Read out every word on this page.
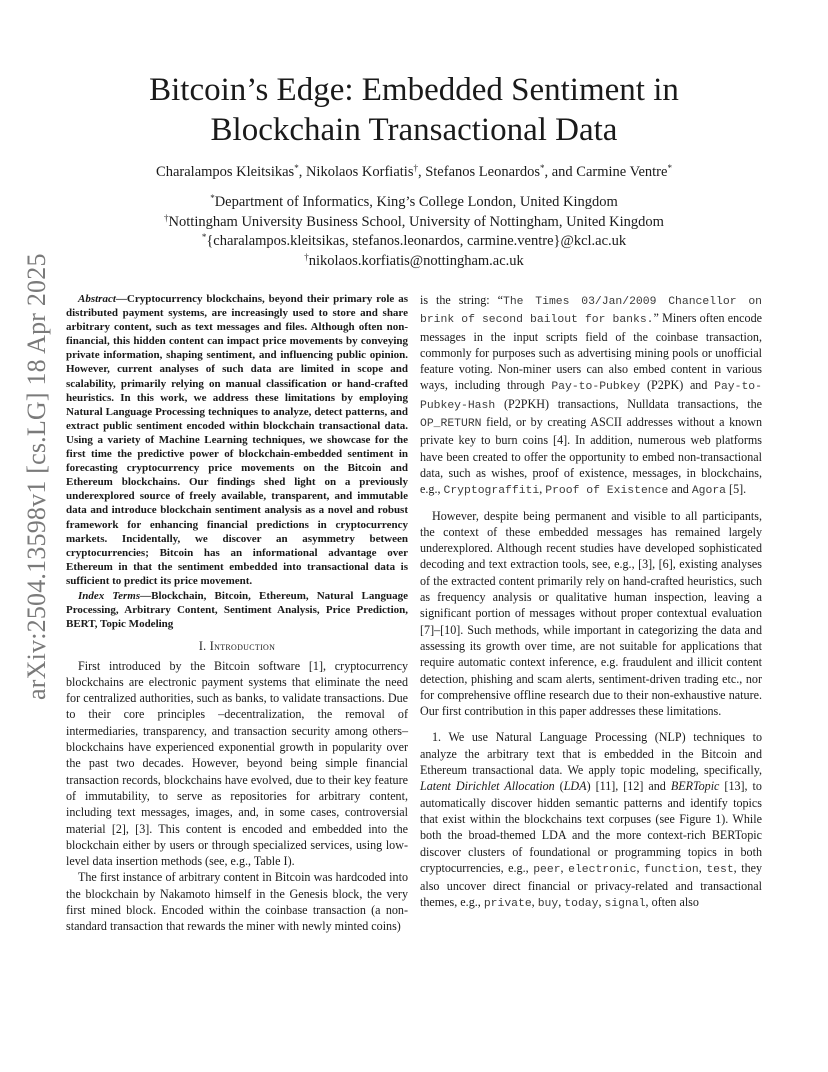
Bitcoin’s Edge: Embedded Sentiment in
Blockchain Transactional Data
Charalampos Kleitsikas*, Nikolaos Korfiatis†, Stefanos Leonardos*, and Carmine Ventre*
*Department of Informatics, King’s College London, United Kingdom
†Nottingham University Business School, University of Nottingham, United Kingdom
*{charalampos.kleitsikas, stefanos.leonardos, carmine.ventre}@kcl.ac.uk
†nikolaos.korfiatis@nottingham.ac.uk
arXiv:2504.13598v1 [cs.LG] 18 Apr 2025	Abstract—Cryptocurrency blockchains, beyond their primary role as distributed payment systems, are increasingly used to store and share arbitrary content, such as text messages and files. Although often non-financial, this hidden content can impact price movements by conveying private information, shaping sentiment, and influencing public opinion. However, current analyses of such data are limited in scope and scalability, primarily relying on manual classification or hand-crafted heuristics. In this work, we address these limitations by employing Natural Language Processing techniques to analyze, detect patterns, and extract public sentiment encoded within blockchain transactional data. Using a variety of Machine Learning techniques, we showcase for the first time the predictive power of blockchain-embedded sentiment in forecasting cryptocurrency price movements on the Bitcoin and Ethereum blockchains. Our findings shed light on a previously underexplored source of freely available, transparent, and immutable data and introduce blockchain sentiment analysis as a novel and robust framework for enhancing financial predictions in cryptocurrency markets. Incidentally, we discover an asymmetry between cryptocurrencies; Bitcoin has an informational advantage over Ethereum in that the sentiment embedded into transactional data is sufficient to predict its price movement.

Index Terms—Blockchain, Bitcoin, Ethereum, Natural Language Processing, Arbitrary Content, Sentiment Analysis, Price Prediction, BERT, Topic Modeling

I. Introduction

First introduced by the Bitcoin software [1], cryptocurrency blockchains are electronic payment systems that eliminate the need for centralized authorities, such as banks, to validate transactions. Due to their core principles –decentralization, the removal of intermediaries, transparency, and transaction security among others– blockchains have experienced exponential growth in popularity over the past two decades. However, beyond being simple financial transaction records, blockchains have evolved, due to their key feature of immutability, to serve as repositories for arbitrary content, including text messages, images, and, in some cases, controversial material [2], [3]. This content is encoded and embedded into the blockchain either by users or through specialized services, using low-level data insertion methods (see, e.g., Table I).

The first instance of arbitrary content in Bitcoin was hardcoded into the blockchain by Nakamoto himself in the Genesis block, the very first mined block. Encoded within the coinbase transaction (a non-standard transaction that rewards the miner with newly minted coins)

is the string: “The Times 03/Jan/2009 Chancellor on brink of second bailout for banks.” Miners often encode messages in the input scripts field of the coinbase transaction, commonly for purposes such as advertising mining pools or unofficial feature voting. Non-miner users can also embed content in various ways, including through Pay-to-Pubkey (P2PK) and Pay-to-Pubkey-Hash (P2PKH) transactions, Nulldata transactions, the OP_RETURN field, or by creating ASCII addresses without a known private key to burn coins [4]. In addition, numerous web platforms have been created to offer the opportunity to embed non-transactional data, such as wishes, proof of existence, messages, in blockchains, e.g., Cryptograffiti, Proof of Existence and Agora [5].

However, despite being permanent and visible to all participants, the context of these embedded messages has remained largely underexplored. Although recent studies have developed sophisticated decoding and text extraction tools, see, e.g., [3], [6], existing analyses of the extracted content primarily rely on hand-crafted heuristics, such as frequency analysis or qualitative human inspection, leaving a significant portion of messages without proper contextual evaluation [7]–[10]. Such methods, while important in categorizing the data and assessing its growth over time, are not suitable for applications that require automatic context inference, e.g. fraudulent and illicit content detection, phishing and scam alerts, sentiment-driven trading etc., nor for comprehensive offline research due to their non-exhaustive nature. Our first contribution in this paper addresses these limitations.

1. We use Natural Language Processing (NLP) techniques to analyze the arbitrary text that is embedded in the Bitcoin and Ethereum transactional data. We apply topic modeling, specifically, Latent Dirichlet Allocation (LDA) [11], [12] and BERTopic [13], to automatically discover hidden semantic patterns and identify topics that exist within the blockchains text corpuses (see Figure 1). While both the broad-themed LDA and the more context-rich BERTopic discover clusters of foundational or programming topics in both cryptocurrencies, e.g., peer, electronic, function, test, they also uncover direct financial or privacy-related and transactional themes, e.g., private, buy, today, signal, often also
